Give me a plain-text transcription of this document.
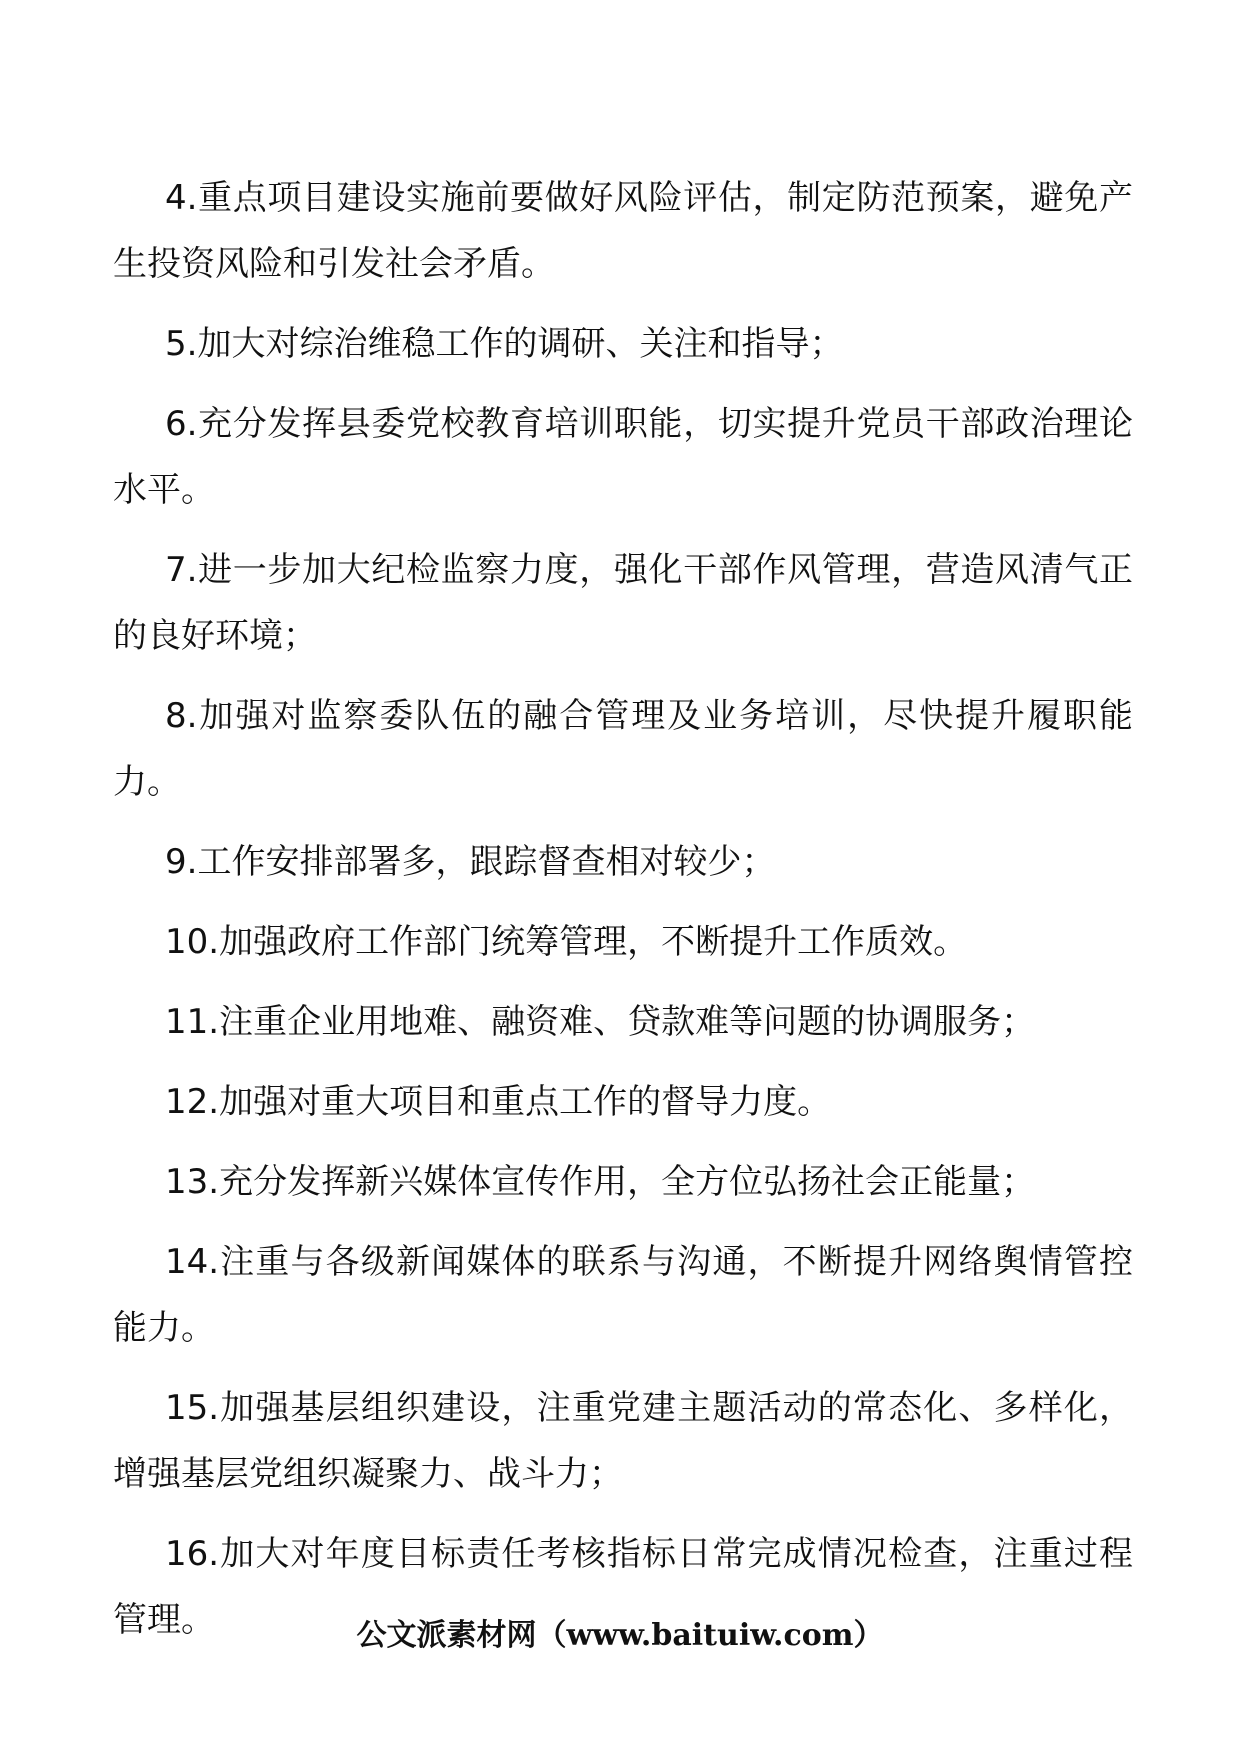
4.重点项目建设实施前要做好风险评估，制定防范预案，避免产生投资风险和引发社会矛盾。

5.加大对综治维稳工作的调研、关注和指导；

6.充分发挥县委党校教育培训职能，切实提升党员干部政治理论水平。

7.进一步加大纪检监察力度，强化干部作风管理，营造风清气正的良好环境；

8.加强对监察委队伍的融合管理及业务培训，尽快提升履职能力。

9.工作安排部署多，跟踪督查相对较少；

10.加强政府工作部门统筹管理，不断提升工作质效。

11.注重企业用地难、融资难、贷款难等问题的协调服务；

12.加强对重大项目和重点工作的督导力度。

13.充分发挥新兴媒体宣传作用，全方位弘扬社会正能量；

14.注重与各级新闻媒体的联系与沟通，不断提升网络舆情管控能力。

15.加强基层组织建设，注重党建主题活动的常态化、多样化，增强基层党组织凝聚力、战斗力；

16.加大对年度目标责任考核指标日常完成情况检查，注重过程管理。	公文派素材网（www.baituiw.com）
